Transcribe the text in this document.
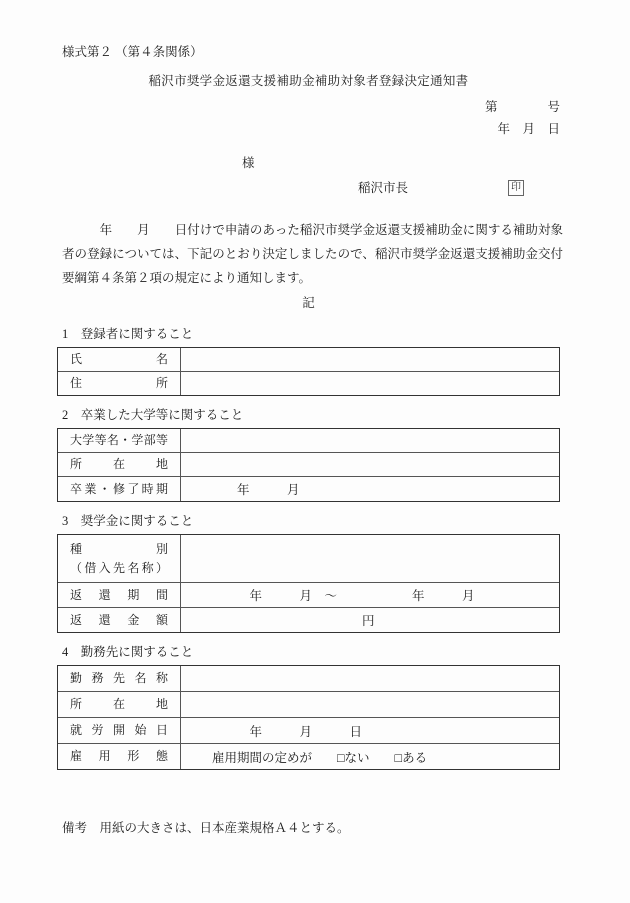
様式第２ （第４条関係）
稲沢市奨学金返還支援補助金補助対象者登録決定通知書
第　　　　号
年　月　日
様
稲沢市長	印

　　　年　　月　　日付けで申請のあった稲沢市奨学金返還支援補助金に関する補助対象者の登録については、下記のとおり決定しましたので、稲沢市奨学金返還支援補助金交付要綱第４条第２項の規定により通知します。

記
1　登録者に関すること
氏名
住所
2　卒業した大学等に関すること
大学等名・学部等
所在地
卒業・修了時期	　　　　年　　　月
3　奨学金に関すること
種別
（借入先名称）
返還期間	　　　　　年　　　月　～　　　　　　年　　　月
返還金額	　　　　　　　　　　　　　　円
4　勤務先に関すること
勤務先名称
所在地
就労開始日	　　　　　年　　　月　　　日
雇用形態	　　雇用期間の定めが　　□ない　　□ある
備考　用紙の大きさは、日本産業規格Ａ４とする。
